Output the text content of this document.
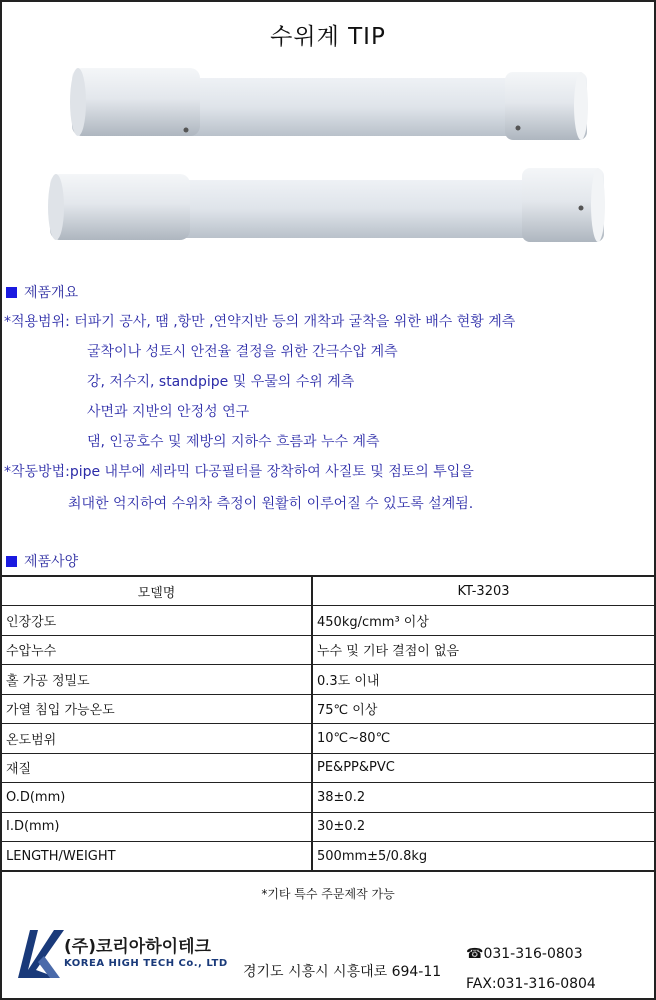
수위계 TIP
제품개요
*적용범위: 터파기 공사, 땜 ,항만 ,연약지반 등의 개착과 굴착을 위한 배수 현황 계측
굴착이나 성토시 안전율 결정을 위한 간극수압 계측
강, 저수지, standpipe 및 우물의 수위 계측
사면과 지반의 안정성 연구
댐, 인공호수 및 제방의 지하수 흐름과 누수 계측
*작동방법:pipe 내부에 세라믹 다공필터를 장착하여 사질토 및 점토의 투입을
최대한 억지하여 수위차 측정이 원활히 이루어질 수 있도록 설계됨.
제품사양
모델명	KT-3203
인장강도	450kg/cmm³ 이상
수압누수	누수 및 기타 결점이 없음
홀 가공 정밀도	0.3도 이내
가열 침입 가능온도	75℃ 이상
온도범위	10℃~80℃
재질	PE&PP&PVC
O.D(mm)	38±0.2
I.D(mm)	30±0.2
LENGTH/WEIGHT	500mm±5/0.8kg
*기타 특수 주문제작 가능
(주)코리아하이테크
KOREA HIGH TECH Co., LTD
경기도 시흥시 시흥대로 694-11
☎031-316-0803
FAX:031-316-0804
